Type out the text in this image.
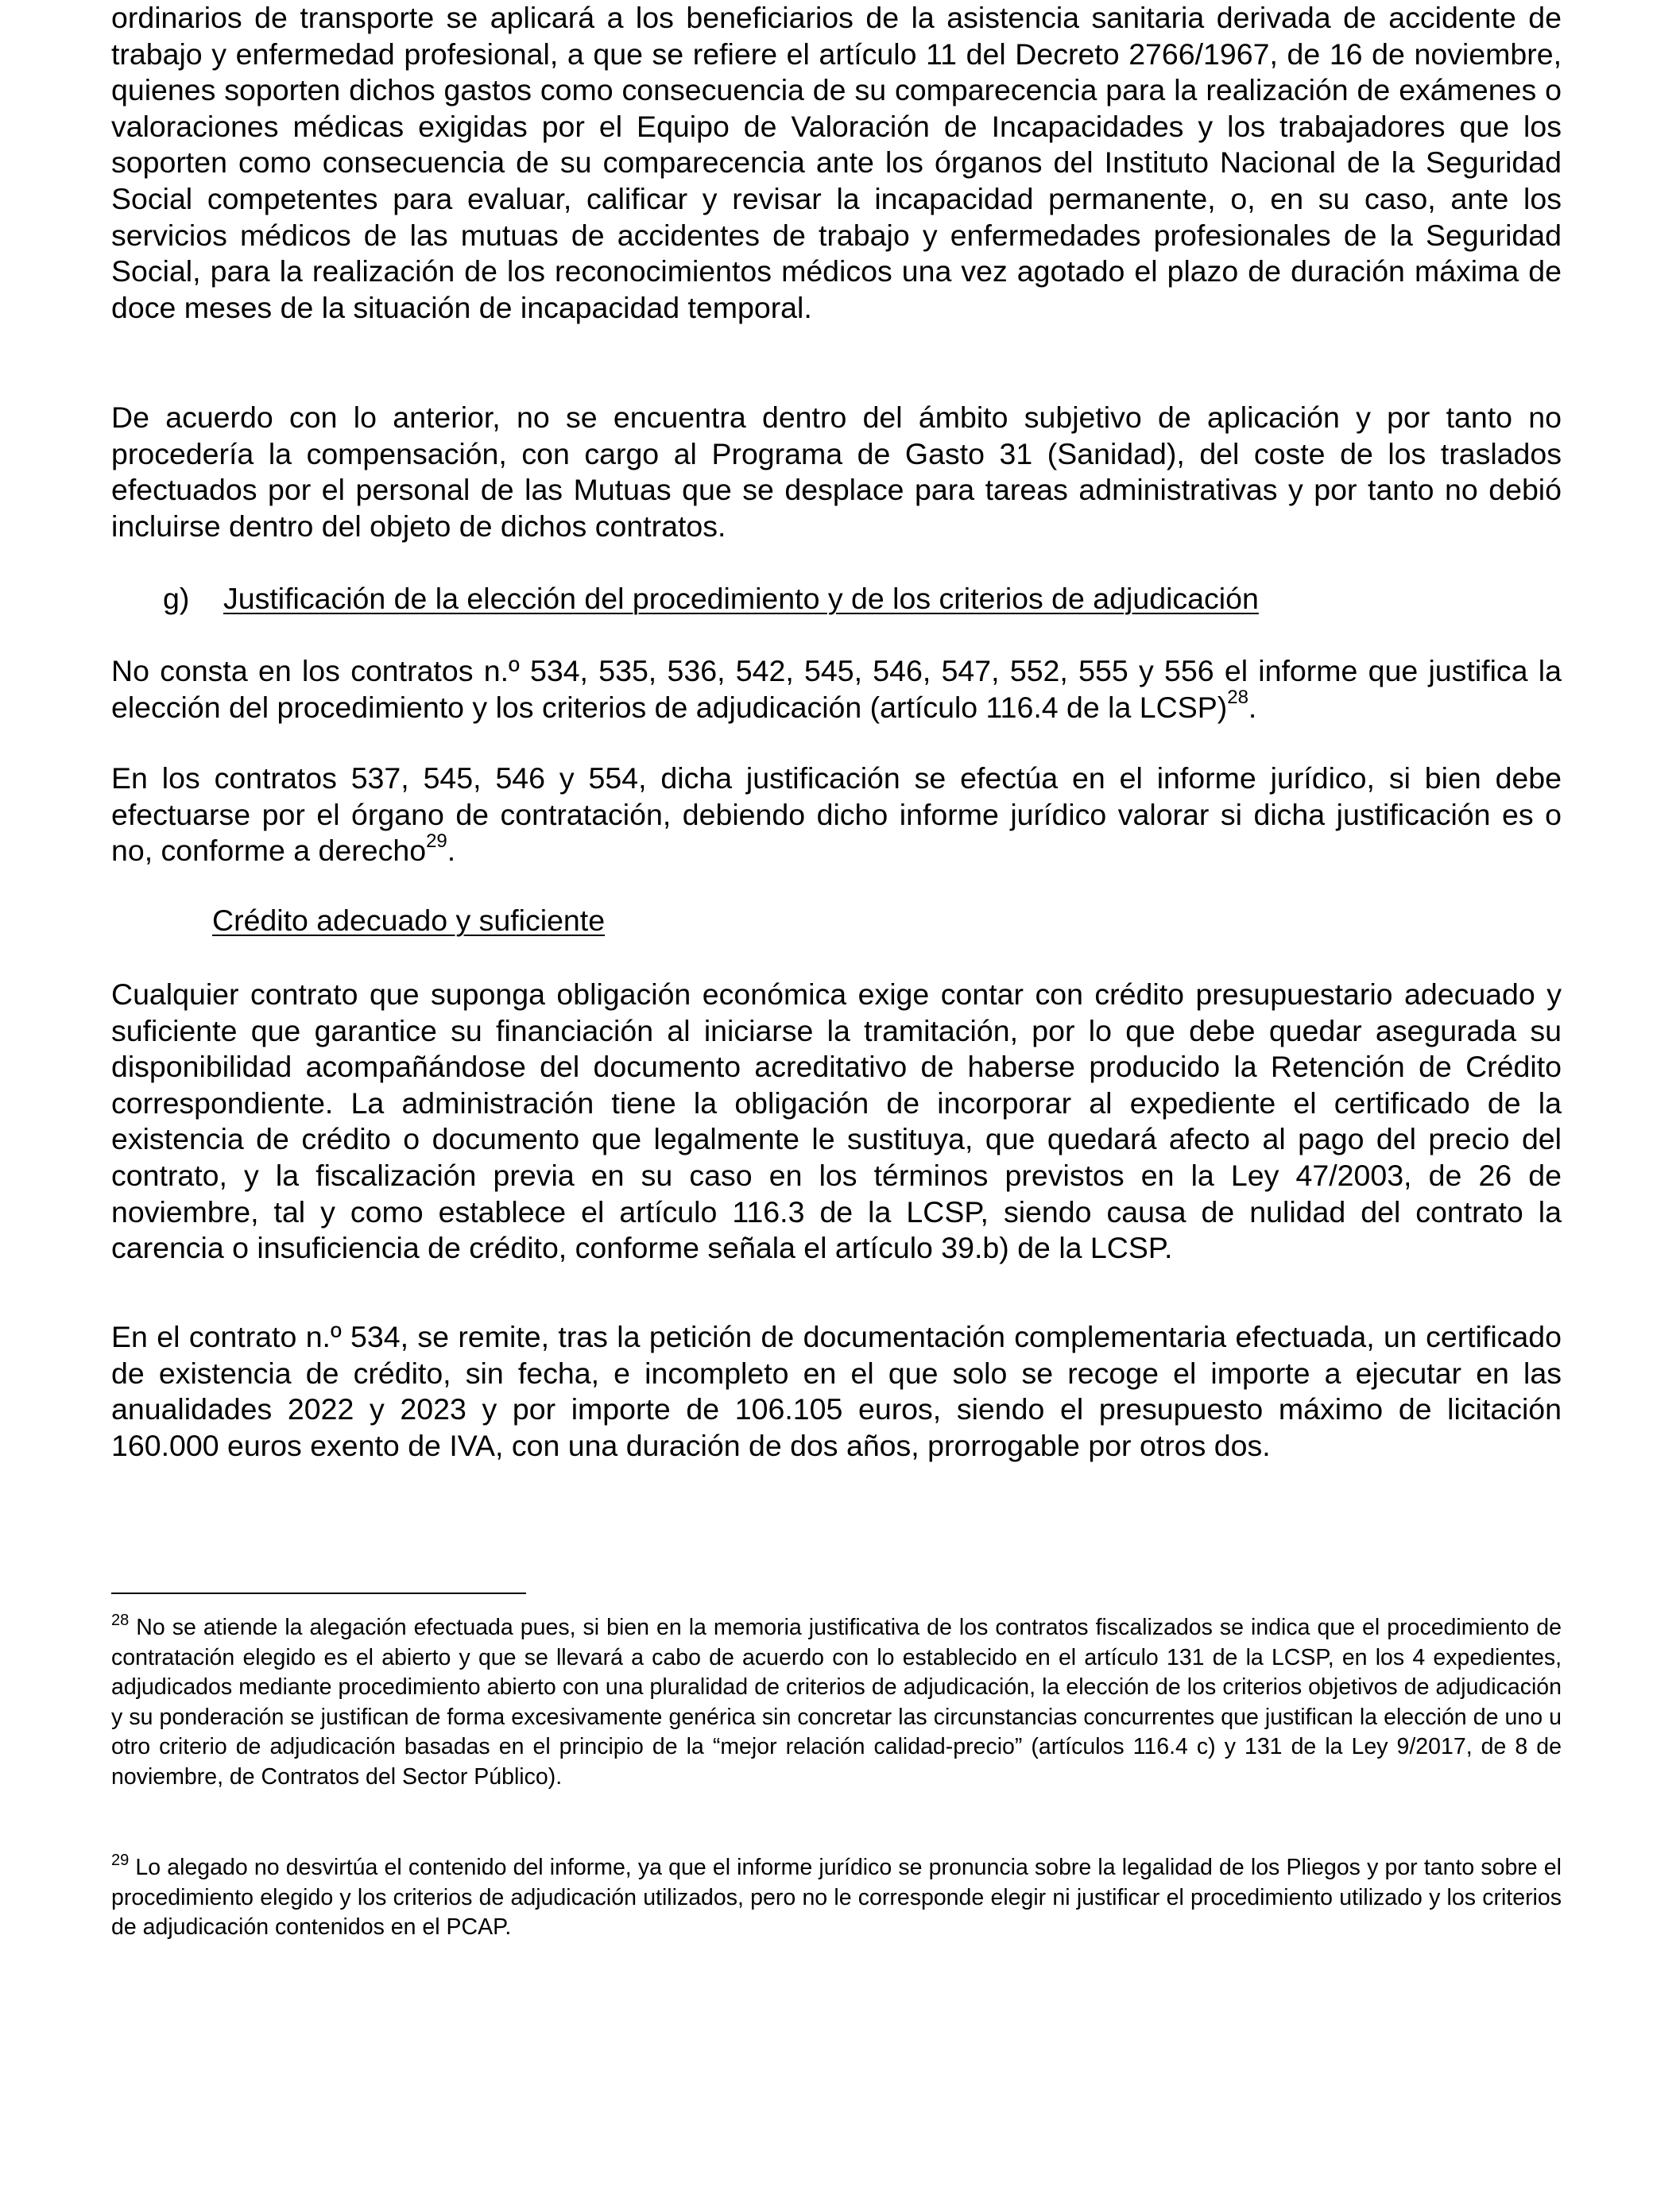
ordinarios de transporte se aplicará a los beneficiarios de la asistencia sanitaria derivada de accidente de trabajo y enfermedad profesional, a que se refiere el artículo 11 del Decreto 2766/1967, de 16 de noviembre, quienes soporten dichos gastos como consecuencia de su comparecencia para la realización de exámenes o valoraciones médicas exigidas por el Equipo de Valoración de Incapacidades y los trabajadores que los soporten como consecuencia de su comparecencia ante los órganos del Instituto Nacional de la Seguridad Social competentes para evaluar, calificar y revisar la incapacidad permanente, o, en su caso, ante los servicios médicos de las mutuas de accidentes de trabajo y enfermedades profesionales de la Seguridad Social, para la realización de los reconocimientos médicos una vez agotado el plazo de duración máxima de doce meses de la situación de incapacidad temporal.

De acuerdo con lo anterior, no se encuentra dentro del ámbito subjetivo de aplicación y por tanto no procedería la compensación, con cargo al Programa de Gasto 31 (Sanidad), del coste de los traslados efectuados por el personal de las Mutuas que se desplace para tareas administrativas y por tanto no debió incluirse dentro del objeto de dichos contratos.

g) Justificación de la elección del procedimiento y de los criterios de adjudicación

No consta en los contratos n.º 534, 535, 536, 542, 545, 546, 547, 552, 555 y 556 el informe que justifica la elección del procedimiento y los criterios de adjudicación (artículo 116.4 de la LCSP)$^{28}$.

En los contratos 537, 545, 546 y 554, dicha justificación se efectúa en el informe jurídico, si bien debe efectuarse por el órgano de contratación, debiendo dicho informe jurídico valorar si dicha justificación es o no, conforme a derecho$^{29}$.

Crédito adecuado y suficiente

Cualquier contrato que suponga obligación económica exige contar con crédito presupuestario adecuado y suficiente que garantice su financiación al iniciarse la tramitación, por lo que debe quedar asegurada su disponibilidad acompañándose del documento acreditativo de haberse producido la Retención de Crédito correspondiente. La administración tiene la obligación de incorporar al expediente el certificado de la existencia de crédito o documento que legalmente le sustituya, que quedará afecto al pago del precio del contrato, y la fiscalización previa en su caso en los términos previstos en la Ley 47/2003, de 26 de noviembre, tal y como establece el artículo 116.3 de la LCSP, siendo causa de nulidad del contrato la carencia o insuficiencia de crédito, conforme señala el artículo 39.b) de la LCSP.

En el contrato n.º 534, se remite, tras la petición de documentación complementaria efectuada, un certificado de existencia de crédito, sin fecha, e incompleto en el que solo se recoge el importe a ejecutar en las anualidades 2022 y 2023 y por importe de 106.105 euros, siendo el presupuesto máximo de licitación 160.000 euros exento de IVA, con una duración de dos años, prorrogable por otros dos.

$^{28}$ No se atiende la alegación efectuada pues, si bien en la memoria justificativa de los contratos fiscalizados se indica que el procedimiento de contratación elegido es el abierto y que se llevará a cabo de acuerdo con lo establecido en el artículo 131 de la LCSP, en los 4 expedientes, adjudicados mediante procedimiento abierto con una pluralidad de criterios de adjudicación, la elección de los criterios objetivos de adjudicación y su ponderación se justifican de forma excesivamente genérica sin concretar las circunstancias concurrentes que justifican la elección de uno u otro criterio de adjudicación basadas en el principio de la “mejor relación calidad-precio” (artículos 116.4 c) y 131 de la Ley 9/2017, de 8 de noviembre, de Contratos del Sector Público).

$^{29}$ Lo alegado no desvirtúa el contenido del informe, ya que el informe jurídico se pronuncia sobre la legalidad de los Pliegos y por tanto sobre el procedimiento elegido y los criterios de adjudicación utilizados, pero no le corresponde elegir ni justificar el procedimiento utilizado y los criterios de adjudicación contenidos en el PCAP.
